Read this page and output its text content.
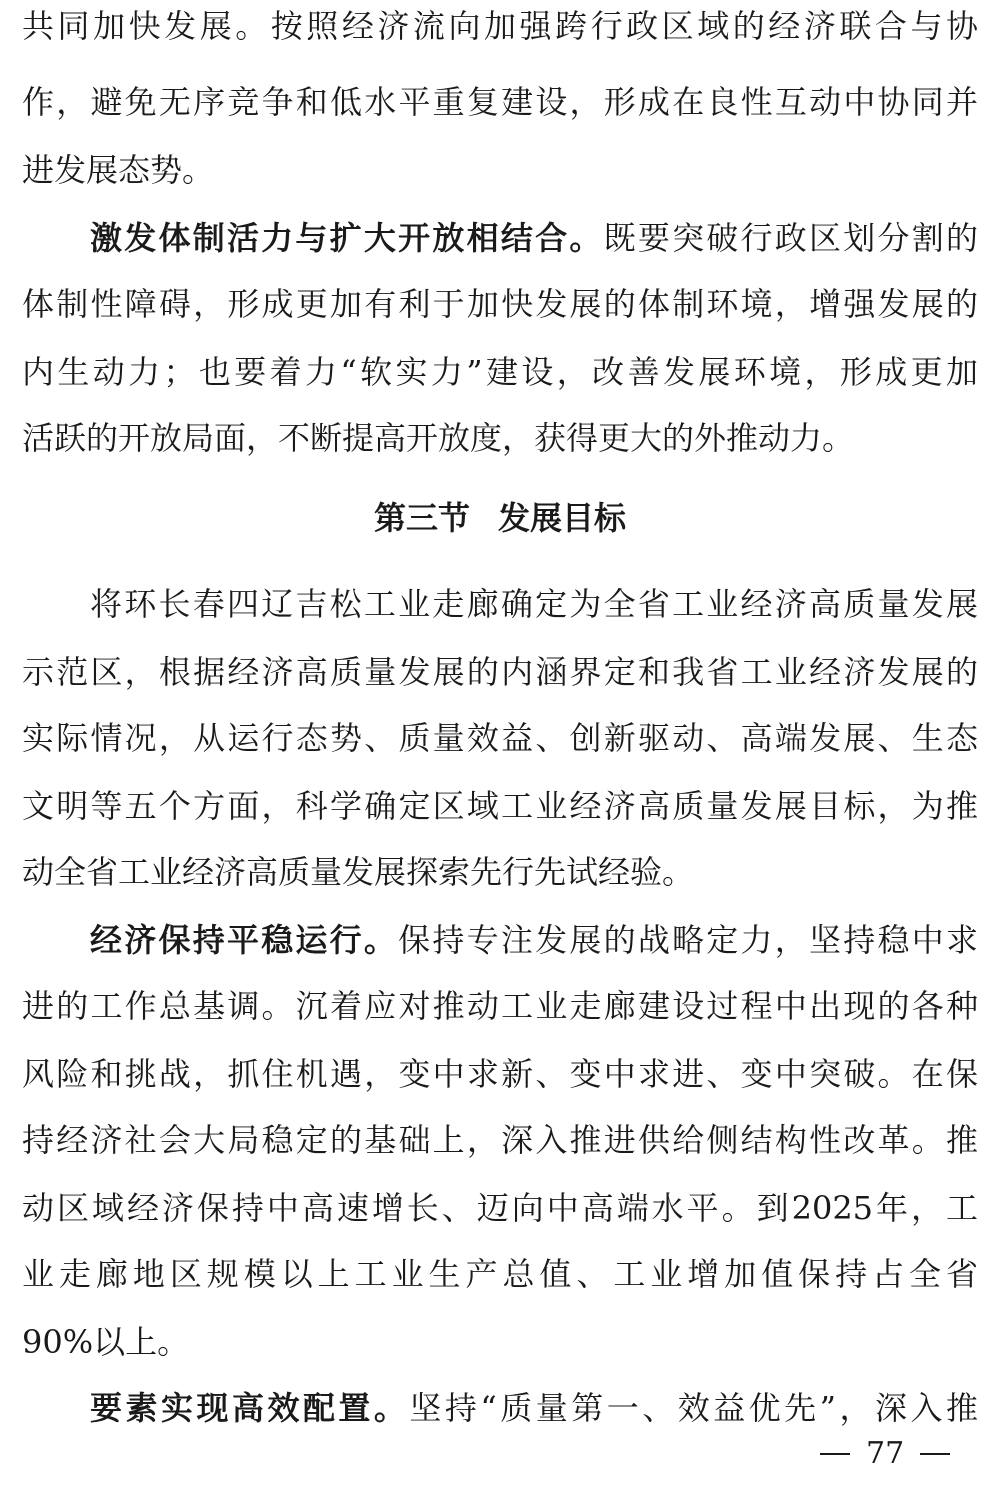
共同加快发展。按照经济流向加强跨行政区域的经济联合与协
作，避免无序竞争和低水平重复建设，形成在良性互动中协同并
进发展态势。
激发体制活力与扩大开放相结合。既要突破行政区划分割的
体制性障碍，形成更加有利于加快发展的体制环境，增强发展的
内生动力；也要着力“软实力”建设，改善发展环境，形成更加
活跃的开放局面，不断提高开放度，获得更大的外推动力。
第三节 发展目标
将环长春四辽吉松工业走廊确定为全省工业经济高质量发展
示范区，根据经济高质量发展的内涵界定和我省工业经济发展的
实际情况，从运行态势、质量效益、创新驱动、高端发展、生态
文明等五个方面，科学确定区域工业经济高质量发展目标，为推
动全省工业经济高质量发展探索先行先试经验。
经济保持平稳运行。保持专注发展的战略定力，坚持稳中求
进的工作总基调。沉着应对推动工业走廊建设过程中出现的各种
风险和挑战，抓住机遇，变中求新、变中求进、变中突破。在保
持经济社会大局稳定的基础上，深入推进供给侧结构性改革。推
动区域经济保持中高速增长、迈向中高端水平。到2025年，工
业走廊地区规模以上工业生产总值、工业增加值保持占全省
90%以上。
要素实现高效配置。坚持“质量第一、效益优先”，深入推
77
